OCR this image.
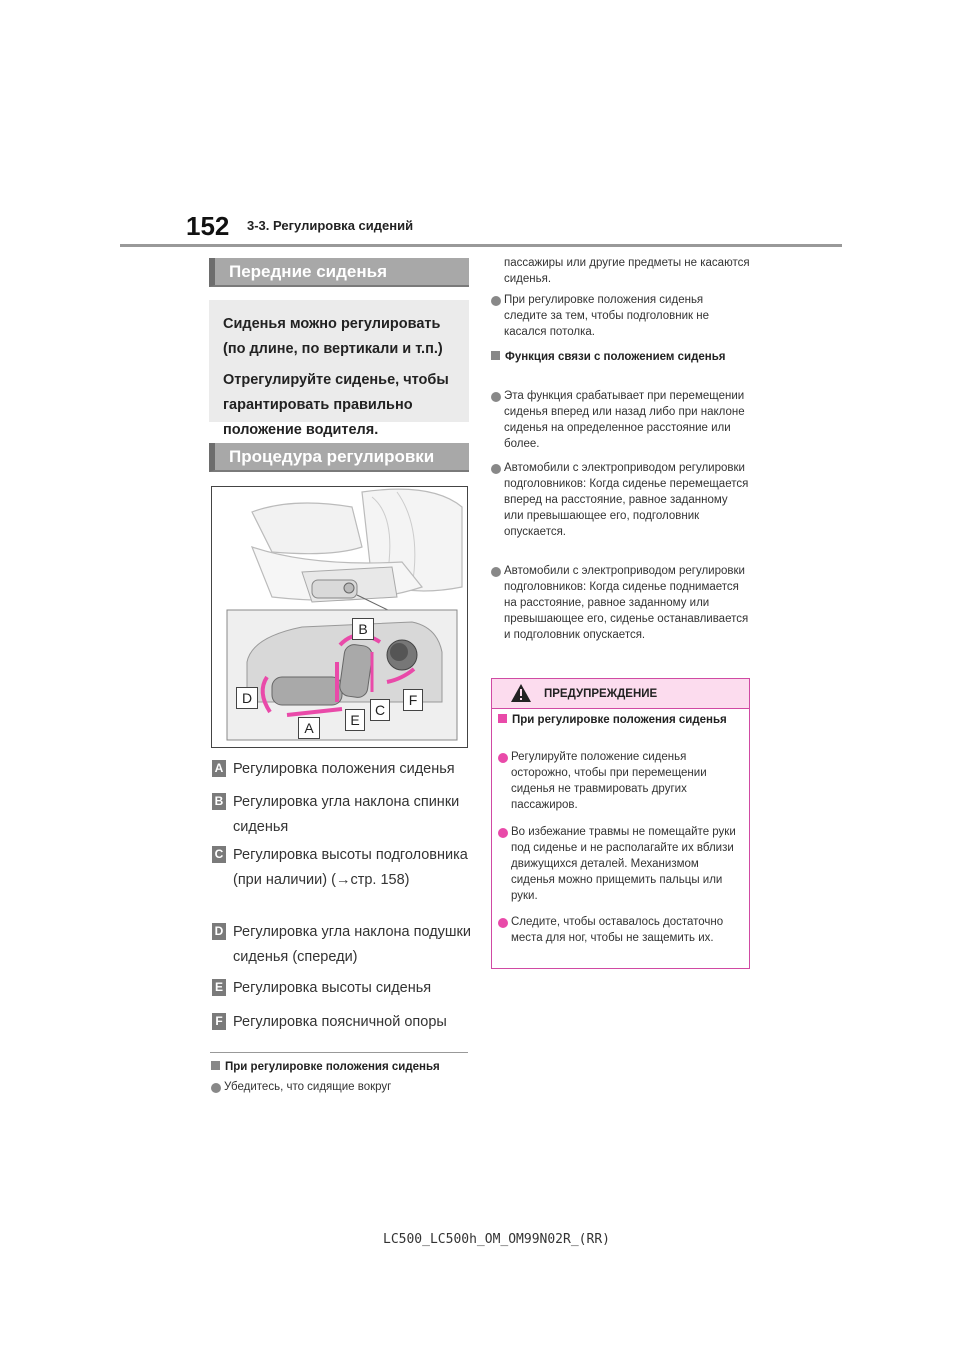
152 3-3. Регулировка сидений
Передние сиденья

Сиденья можно регулировать (по длине, по вертикали и т.п.)

Отрегулируйте сиденье, чтобы гарантировать правильно положение водителя.

Процедура регулировки
B
D
A	E
C
F
A Регулировка положения сиденья
B Регулировка угла наклона спинки сиденья
C Регулировка высоты подголовника (при наличии) (→стр. 158)
D Регулировка угла наклона подушки сиденья (спереди)
E Регулировка высоты сиденья
F Регулировка поясничной опоры
При регулировке положения сиденья
Убедитесь, что сидящие вокруг
пассажиры или другие предметы не касаются сиденья.
При регулировке положения сиденья следите за тем, чтобы подголовник не касался потолка.
Функция связи с положением сиденья
Эта функция срабатывает при перемещении сиденья вперед или назад либо при наклоне сиденья на определенное расстояние или более.
Автомобили с электроприводом регулировки подголовников: Когда сиденье перемещается вперед на расстояние, равное заданному или превышающее его, подголовник опускается.
Автомобили с электроприводом регулировки подголовников: Когда сиденье поднимается на расстояние, равное заданному или превышающее его, сиденье останавливается и подголовник опускается.
ПРЕДУПРЕЖДЕНИЕ
При регулировке положения сиденья
Регулируйте положение сиденья осторожно, чтобы при перемещении сиденья не травмировать других пассажиров.
Во избежание травмы не помещайте руки под сиденье и не располагайте их вблизи движущихся деталей. Механизмом сиденья можно прищемить пальцы или руки.
Следите, чтобы оставалось достаточно места для ног, чтобы не защемить их.
LC500_LC500h_OM_OM99N02R_(RR)
